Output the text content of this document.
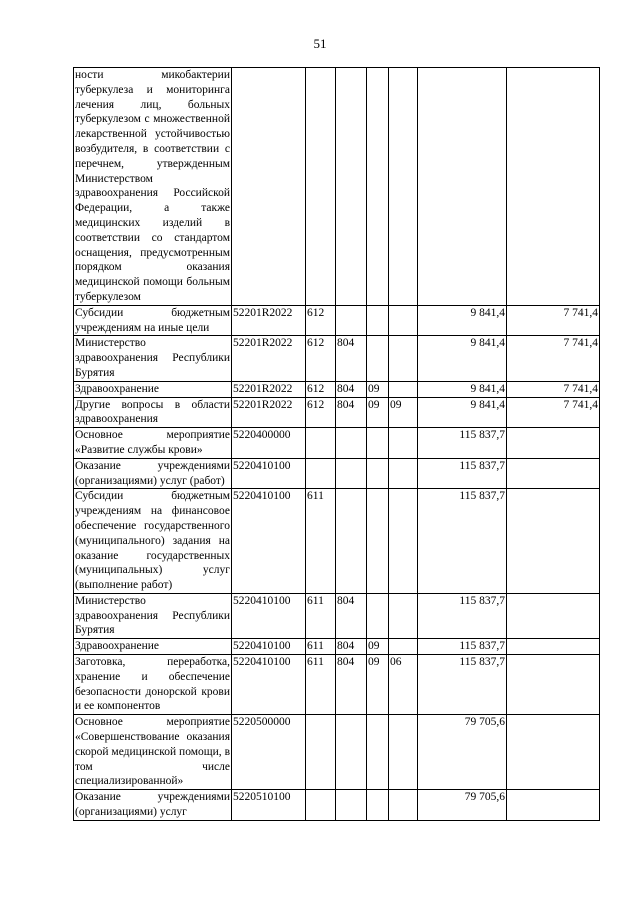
51
ности микобактерии туберкулеза и мониторинга лечения лиц, больных туберкулезом с множественной лекарственной устойчивостью возбудителя, в соответствии с перечнем, утвержденным Министерством здравоохранения Российской Федерации, а также медицинских изделий в соответствии со стандартом оснащения, предусмотренным порядком оказания медицинской помощи больным туберкулезом							
Субсидии бюджетным учреждениям на иные цели	52201R2022	612				9 841,4	7 741,4
Министерство здравоохранения Республики Бурятия	52201R2022	612	804			9 841,4	7 741,4
Здравоохранение	52201R2022	612	804	09		9 841,4	7 741,4
Другие вопросы в области здравоохранения	52201R2022	612	804	09	09	9 841,4	7 741,4
Основное мероприятие «Развитие службы крови»	5220400000					115 837,7	
Оказание учреждениями (организациями) услуг (работ)	5220410100					115 837,7	
Субсидии бюджетным учреждениям на финансовое обеспечение государственного (муниципального) задания на оказание государственных (муниципальных) услуг (выполнение работ)	5220410100	611				115 837,7	
Министерство здравоохранения Республики Бурятия	5220410100	611	804			115 837,7	
Здравоохранение	5220410100	611	804	09		115 837,7	
Заготовка, переработка, хранение и обеспечение безопасности донорской крови и ее компонентов	5220410100	611	804	09	06	115 837,7	
Основное мероприятие «Совершенствование оказания скорой медицинской помощи, в том числе специализированной»	5220500000					79 705,6	
Оказание учреждениями (организациями) услуг	5220510100					79 705,6	
